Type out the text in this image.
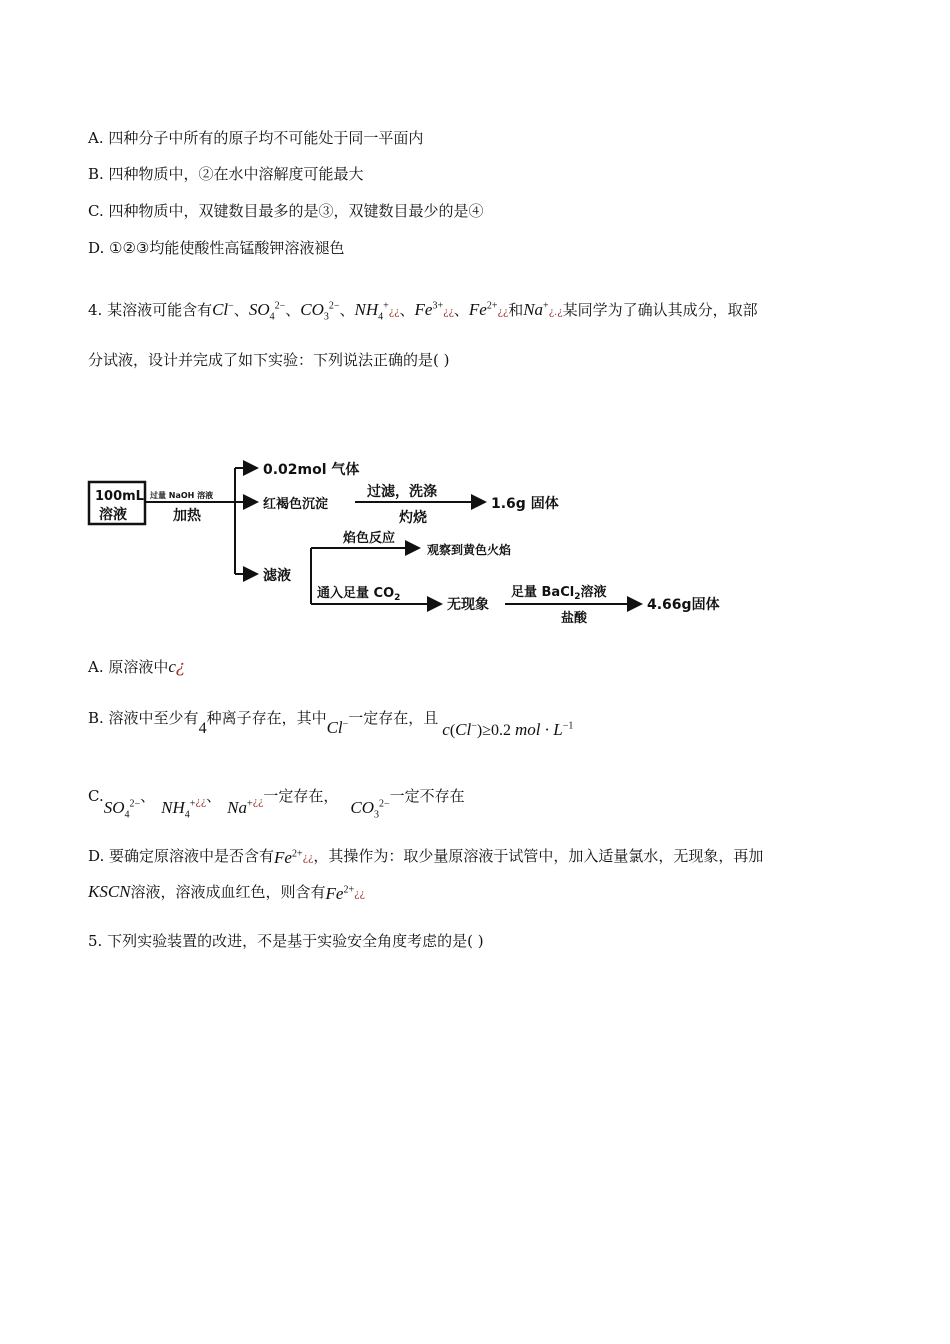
A. 四种分子中所有的原子均不可能处于同一平面内
B. 四种物质中，②在水中溶解度可能最大
C. 四种物质中，双键数目最多的是③，双键数目最少的是④
D. ①②③均能使酸性高锰酸钾溶液褪色
4. 某溶液可能含有Cl−、$SO_4^{2-}$、$CO_3^{2-}$、$NH_4^+¿¿$、$Fe^{3+}¿¿$、$Fe^{2+}¿¿$和Na+¿.¿某同学为了确认其成分，取部
分试液，设计并完成了如下实验：下列说法正确的是( )
100mL
溶液
过量 NaOH 溶液
加热
0.02mol 气体
红褐色沉淀
过滤，洗涤
灼烧
1.6g 固体
滤液
焰色反应
观察到黄色火焰
通入足量 $CO_2$	无现象
足量 BaCl$_2$溶液
盐酸
4.66g固体
A. 原溶液中c¿
B. 溶液中至少有4种离子存在，其中Cl−一定存在，且c(Cl−)≥0.2 mol · $L^{-1}$
$C.SO_4^{2-}$、$NH_4^+_{¿¿}$、$Na^+_{¿¿}$一定存在，$CO_3^{2-}$一定不存在
D. 要确定原溶液中是否含有$Fe^{2+}¿¿$，其操作为：取少量原溶液于试管中，加入适量氯水，无现象，再加
KSCN溶液，溶液成血红色，则含有$Fe^{2+}¿¿$
5. 下列实验装置的改进，不是基于实验安全角度考虑的是( )
